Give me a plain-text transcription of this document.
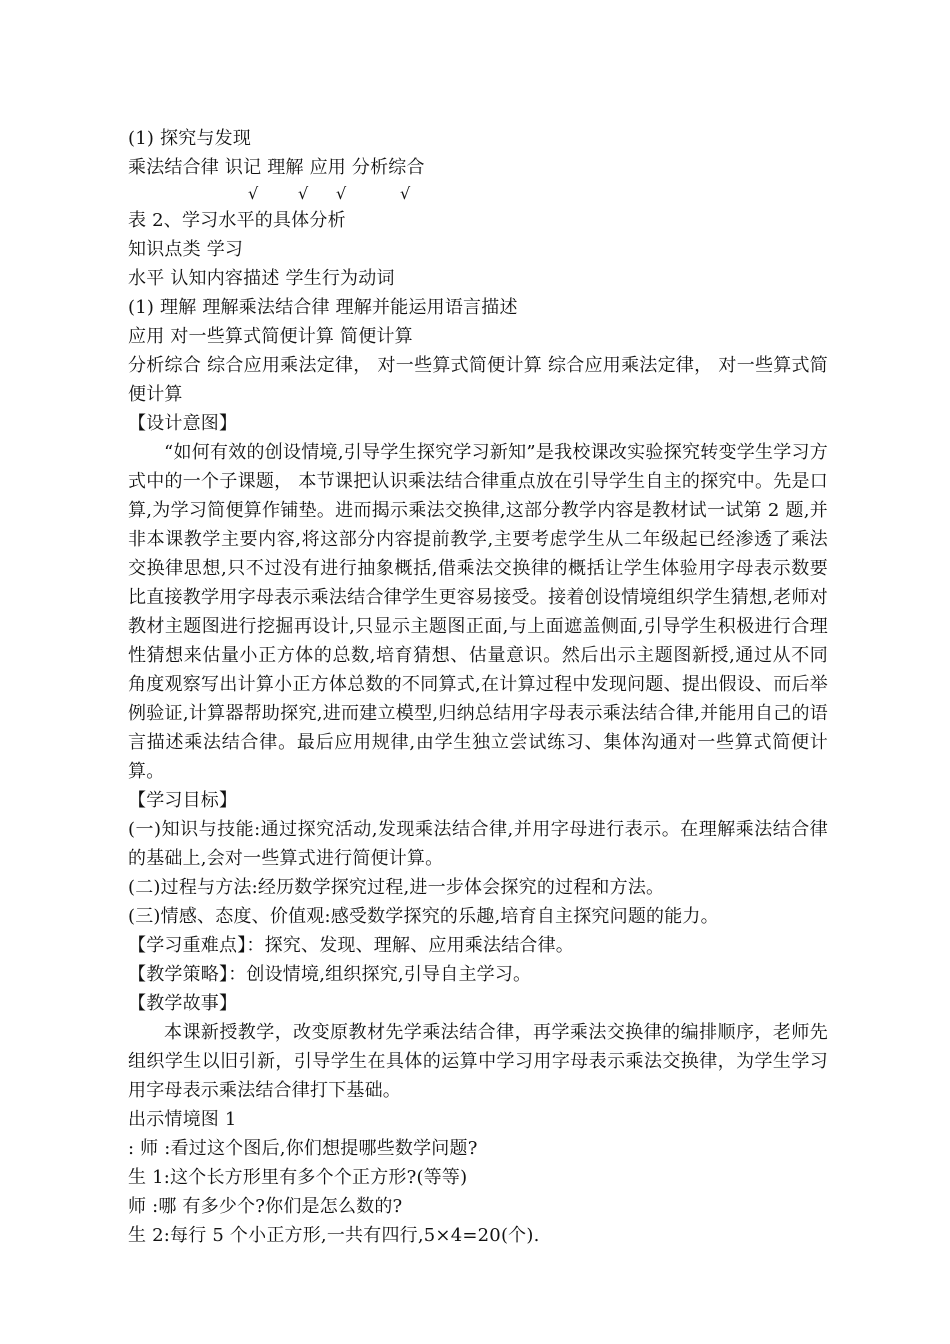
(1) 探究与发现
乘法结合律 识记 理解 应用 分析综合
√ √ √	√
表 2、学习水平的具体分析
知识点类 学习
水平 认知内容描述 学生行为动词
(1) 理解 理解乘法结合律 理解并能运用语言描述
应用 对一些算式简便计算 简便计算
分析综合 综合应用乘法定律， 对一些算式简便计算 综合应用乘法定律， 对一些算式简便计算
【设计意图】
“如何有效的创设情境,引导学生探究学习新知”是我校课改实验探究转变学生学习方式中的一个子课题， 本节课把认识乘法结合律重点放在引导学生自主的探究中。先是口算,为学习简便算作铺垫。进而揭示乘法交换律,这部分教学内容是教材试一试第 2 题,并非本课教学主要内容,将这部分内容提前教学,主要考虑学生从二年级起已经渗透了乘法交换律思想,只不过没有进行抽象概括,借乘法交换律的概括让学生体验用字母表示数要比直接教学用字母表示乘法结合律学生更容易接受。接着创设情境组织学生猜想,老师对教材主题图进行挖掘再设计,只显示主题图正面,与上面遮盖侧面,引导学生积极进行合理性猜想来估量小正方体的总数,培育猜想、估量意识。然后出示主题图新授,通过从不同角度观察写出计算小正方体总数的不同算式,在计算过程中发现问题、提出假设、而后举例验证,计算器帮助探究,进而建立模型,归纳总结用字母表示乘法结合律,并能用自己的语言描述乘法结合律。最后应用规律,由学生独立尝试练习、集体沟通对一些算式简便计算。
【学习目标】
(一)知识与技能:通过探究活动,发现乘法结合律,并用字母进行表示。在理解乘法结合律的基础上,会对一些算式进行简便计算。
(二)过程与方法:经历数学探究过程,进一步体会探究的过程和方法。
(三)情感、态度、价值观:感受数学探究的乐趣,培育自主探究问题的能力。
【学习重难点】：探究、发现、理解、应用乘法结合律。
【教学策略】：创设情境,组织探究,引导自主学习。
【教学故事】
本课新授教学，改变原教材先学乘法结合律，再学乘法交换律的编排顺序，老师先组织学生以旧引新，引导学生在具体的运算中学习用字母表示乘法交换律，为学生学习用字母表示乘法结合律打下基础。
出示情境图 1
: 师 :看过这个图后,你们想提哪些数学问题?
生 1:这个长方形里有多个个正方形?(等等)
师 :哪 有多少个?你们是怎么数的?
生 2:每行 5 个小正方形,一共有四行,5×4=20(个).
